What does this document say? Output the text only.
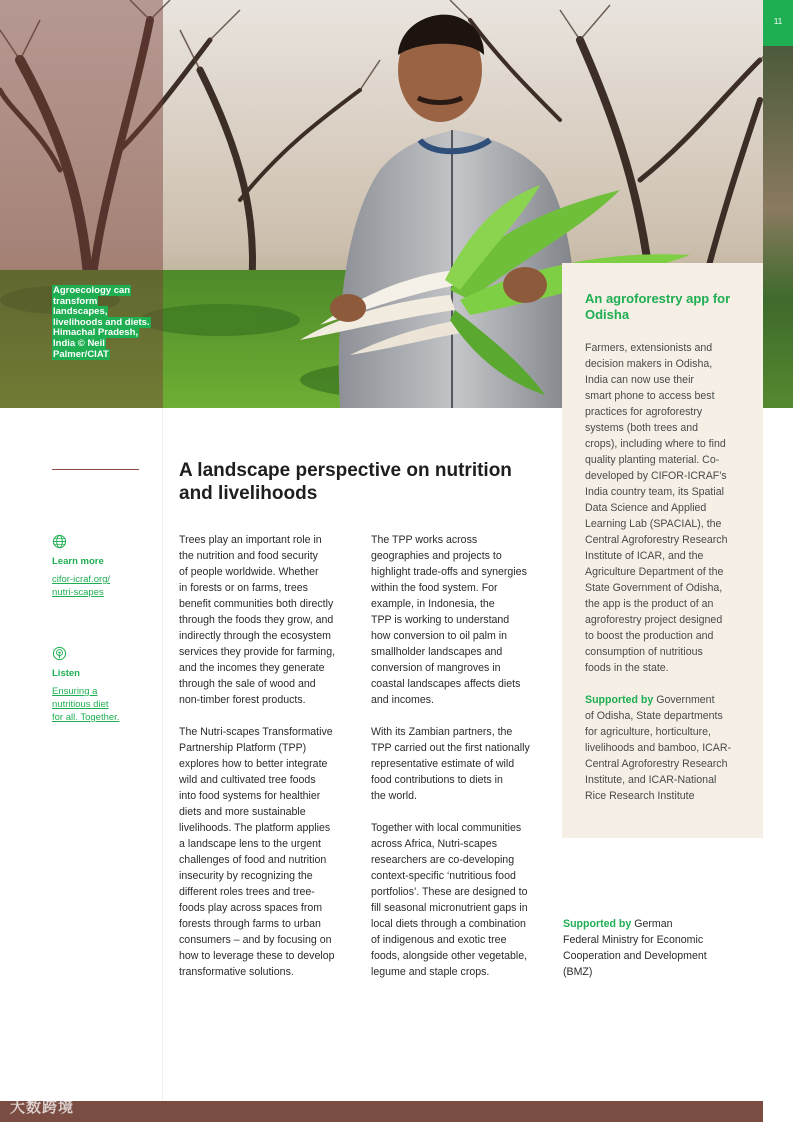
Agroecology can transform landscapes, livelihoods and diets. Himachal Pradesh, India © Neil Palmer/CIAT
11
Learn more
cifor-icraf.org/
nutri-scapes
Listen
Ensuring a
nutritious diet
for all. Together.
A landscape perspective on nutrition and livelihoods

Trees play an important role in
the nutrition and food security
of people worldwide. Whether
in forests or on farms, trees
benefit communities both directly
through the foods they grow, and
indirectly through the ecosystem
services they provide for farming,
and the incomes they generate
through the sale of wood and
non-timber forest products.

The Nutri-scapes Transformative
Partnership Platform (TPP)
explores how to better integrate
wild and cultivated tree foods
into food systems for healthier
diets and more sustainable
livelihoods. The platform applies
a landscape lens to the urgent
challenges of food and nutrition
insecurity by recognizing the
different roles trees and tree-
foods play across spaces from
forests through farms to urban
consumers – and by focusing on
how to leverage these to develop
transformative solutions.

The TPP works across
geographies and projects to
highlight trade-offs and synergies
within the food system. For
example, in Indonesia, the
TPP is working to understand
how conversion to oil palm in
smallholder landscapes and
conversion of mangroves in
coastal landscapes affects diets
and incomes.

With its Zambian partners, the
TPP carried out the first nationally
representative estimate of wild
food contributions to diets in
the world.

Together with local communities
across Africa, Nutri-scapes
researchers are co-developing
context-specific ‘nutritious food
portfolios’. These are designed to
fill seasonal micronutrient gaps in
local diets through a combination
of indigenous and exotic tree
foods, alongside other vegetable,
legume and staple crops.

An agroforestry app for Odisha

Farmers, extensionists and
decision makers in Odisha,
India can now use their
smart phone to access best
practices for agroforestry
systems (both trees and
crops), including where to find
quality planting material. Co-
developed by CIFOR-ICRAF’s
India country team, its Spatial
Data Science and Applied
Learning Lab (SPACIAL), the
Central Agroforestry Research
Institute of ICAR, and the
Agriculture Department of the
State Government of Odisha,
the app is the product of an
agroforestry project designed
to boost the production and
consumption of nutritious
foods in the state.

Supported by Government
of Odisha, State departments
for agriculture, horticulture,
livelihoods and bamboo, ICAR-
Central Agroforestry Research
Institute, and ICAR-National
Rice Research Institute

Supported by German
Federal Ministry for Economic
Cooperation and Development
(BMZ)
大数跨境
